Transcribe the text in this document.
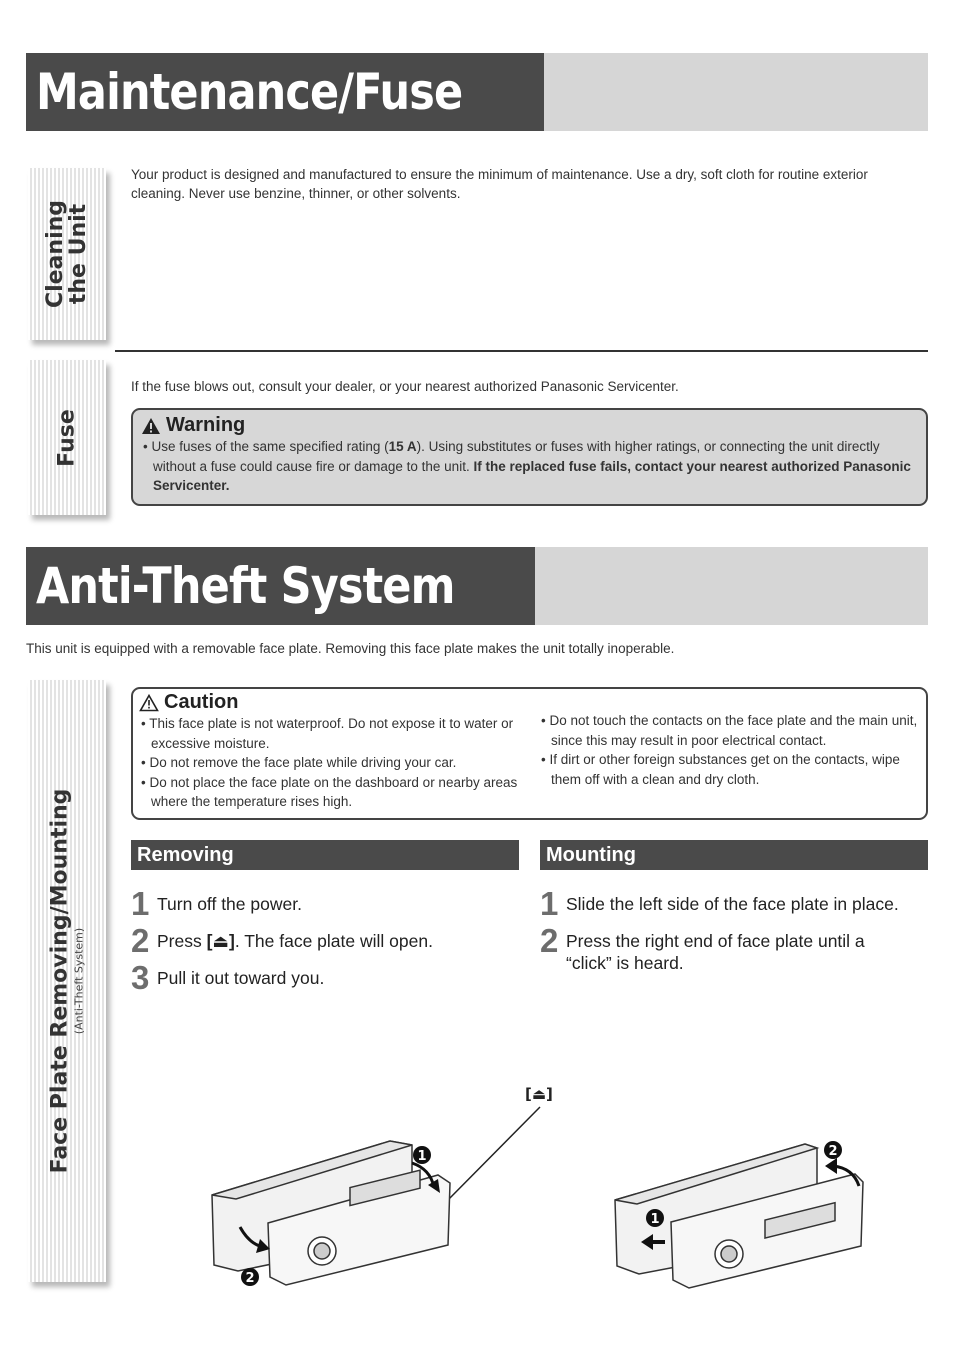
Maintenance/Fuse
Cleaning the Unit
Your product is designed and manufactured to ensure the minimum of maintenance. Use a dry, soft cloth for routine exterior cleaning. Never use benzine, thinner, or other solvents.
Fuse
If the fuse blows out, consult your dealer, or your nearest authorized Panasonic Servicenter.
Warning
• Use fuses of the same specified rating (15 A). Using substitutes or fuses with higher ratings, or connecting the unit directly without a fuse could cause fire or damage to the unit. If the replaced fuse fails, contact your nearest authorized Panasonic Servicenter.
Anti-Theft System
This unit is equipped with a removable face plate. Removing this face plate makes the unit totally inoperable.
Face Plate Removing/Mounting (Anti-Theft System)
Caution
• This face plate is not waterproof. Do not expose it to water or excessive moisture.
• Do not remove the face plate while driving your car.
• Do not place the face plate on the dashboard or nearby areas where the temperature rises high.
• Do not touch the contacts on the face plate and the main unit, since this may result in poor electrical contact.
• If dirt or other foreign substances get on the contacts, wipe them off with a clean and dry cloth.
Removing	Mounting
1 Turn off the power.
2 Press [⏏]. The face plate will open.
3 Pull it out toward you.
1 Slide the left side of the face plate in place.
2 Press the right end of face plate until a “click” is heard.
[⏏]
1
2
1
2
